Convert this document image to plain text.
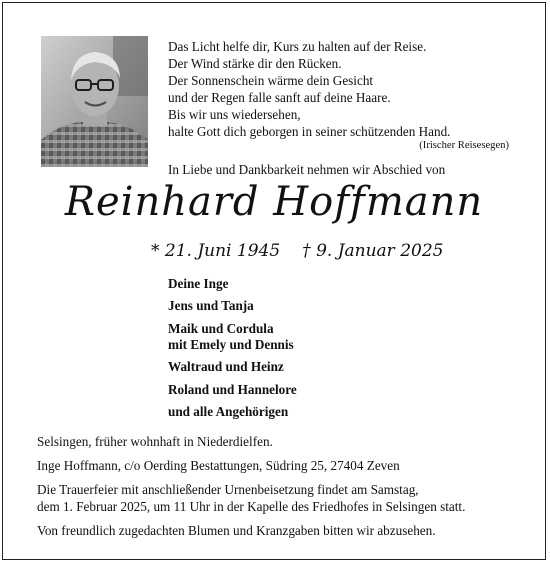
Das Licht helfe dir, Kurs zu halten auf der Reise.
Der Wind stärke dir den Rücken.
Der Sonnenschein wärme dein Gesicht
und der Regen falle sanft auf deine Haare.
Bis wir uns wiedersehen,
halte Gott dich geborgen in seiner schützenden Hand.
(Irischer Reisesegen)
In Liebe und Dankbarkeit nehmen wir Abschied von
Reinhard Hoffmann
* 21. Juni 1945 † 9. Januar 2025
Deine Inge
Jens und Tanja
Maik und Cordula
mit Emely und Dennis
Waltraud und Heinz
Roland und Hannelore
und alle Angehörigen

Selsingen, früher wohnhaft in Niederdielfen.

Inge Hoffmann, c/o Oerding Bestattungen, Südring 25, 27404 Zeven

Die Trauerfeier mit anschließender Urnenbeisetzung findet am Samstag,
dem 1. Februar 2025, um 11 Uhr in der Kapelle des Friedhofes in Selsingen statt.

Von freundlich zugedachten Blumen und Kranzgaben bitten wir abzusehen.
